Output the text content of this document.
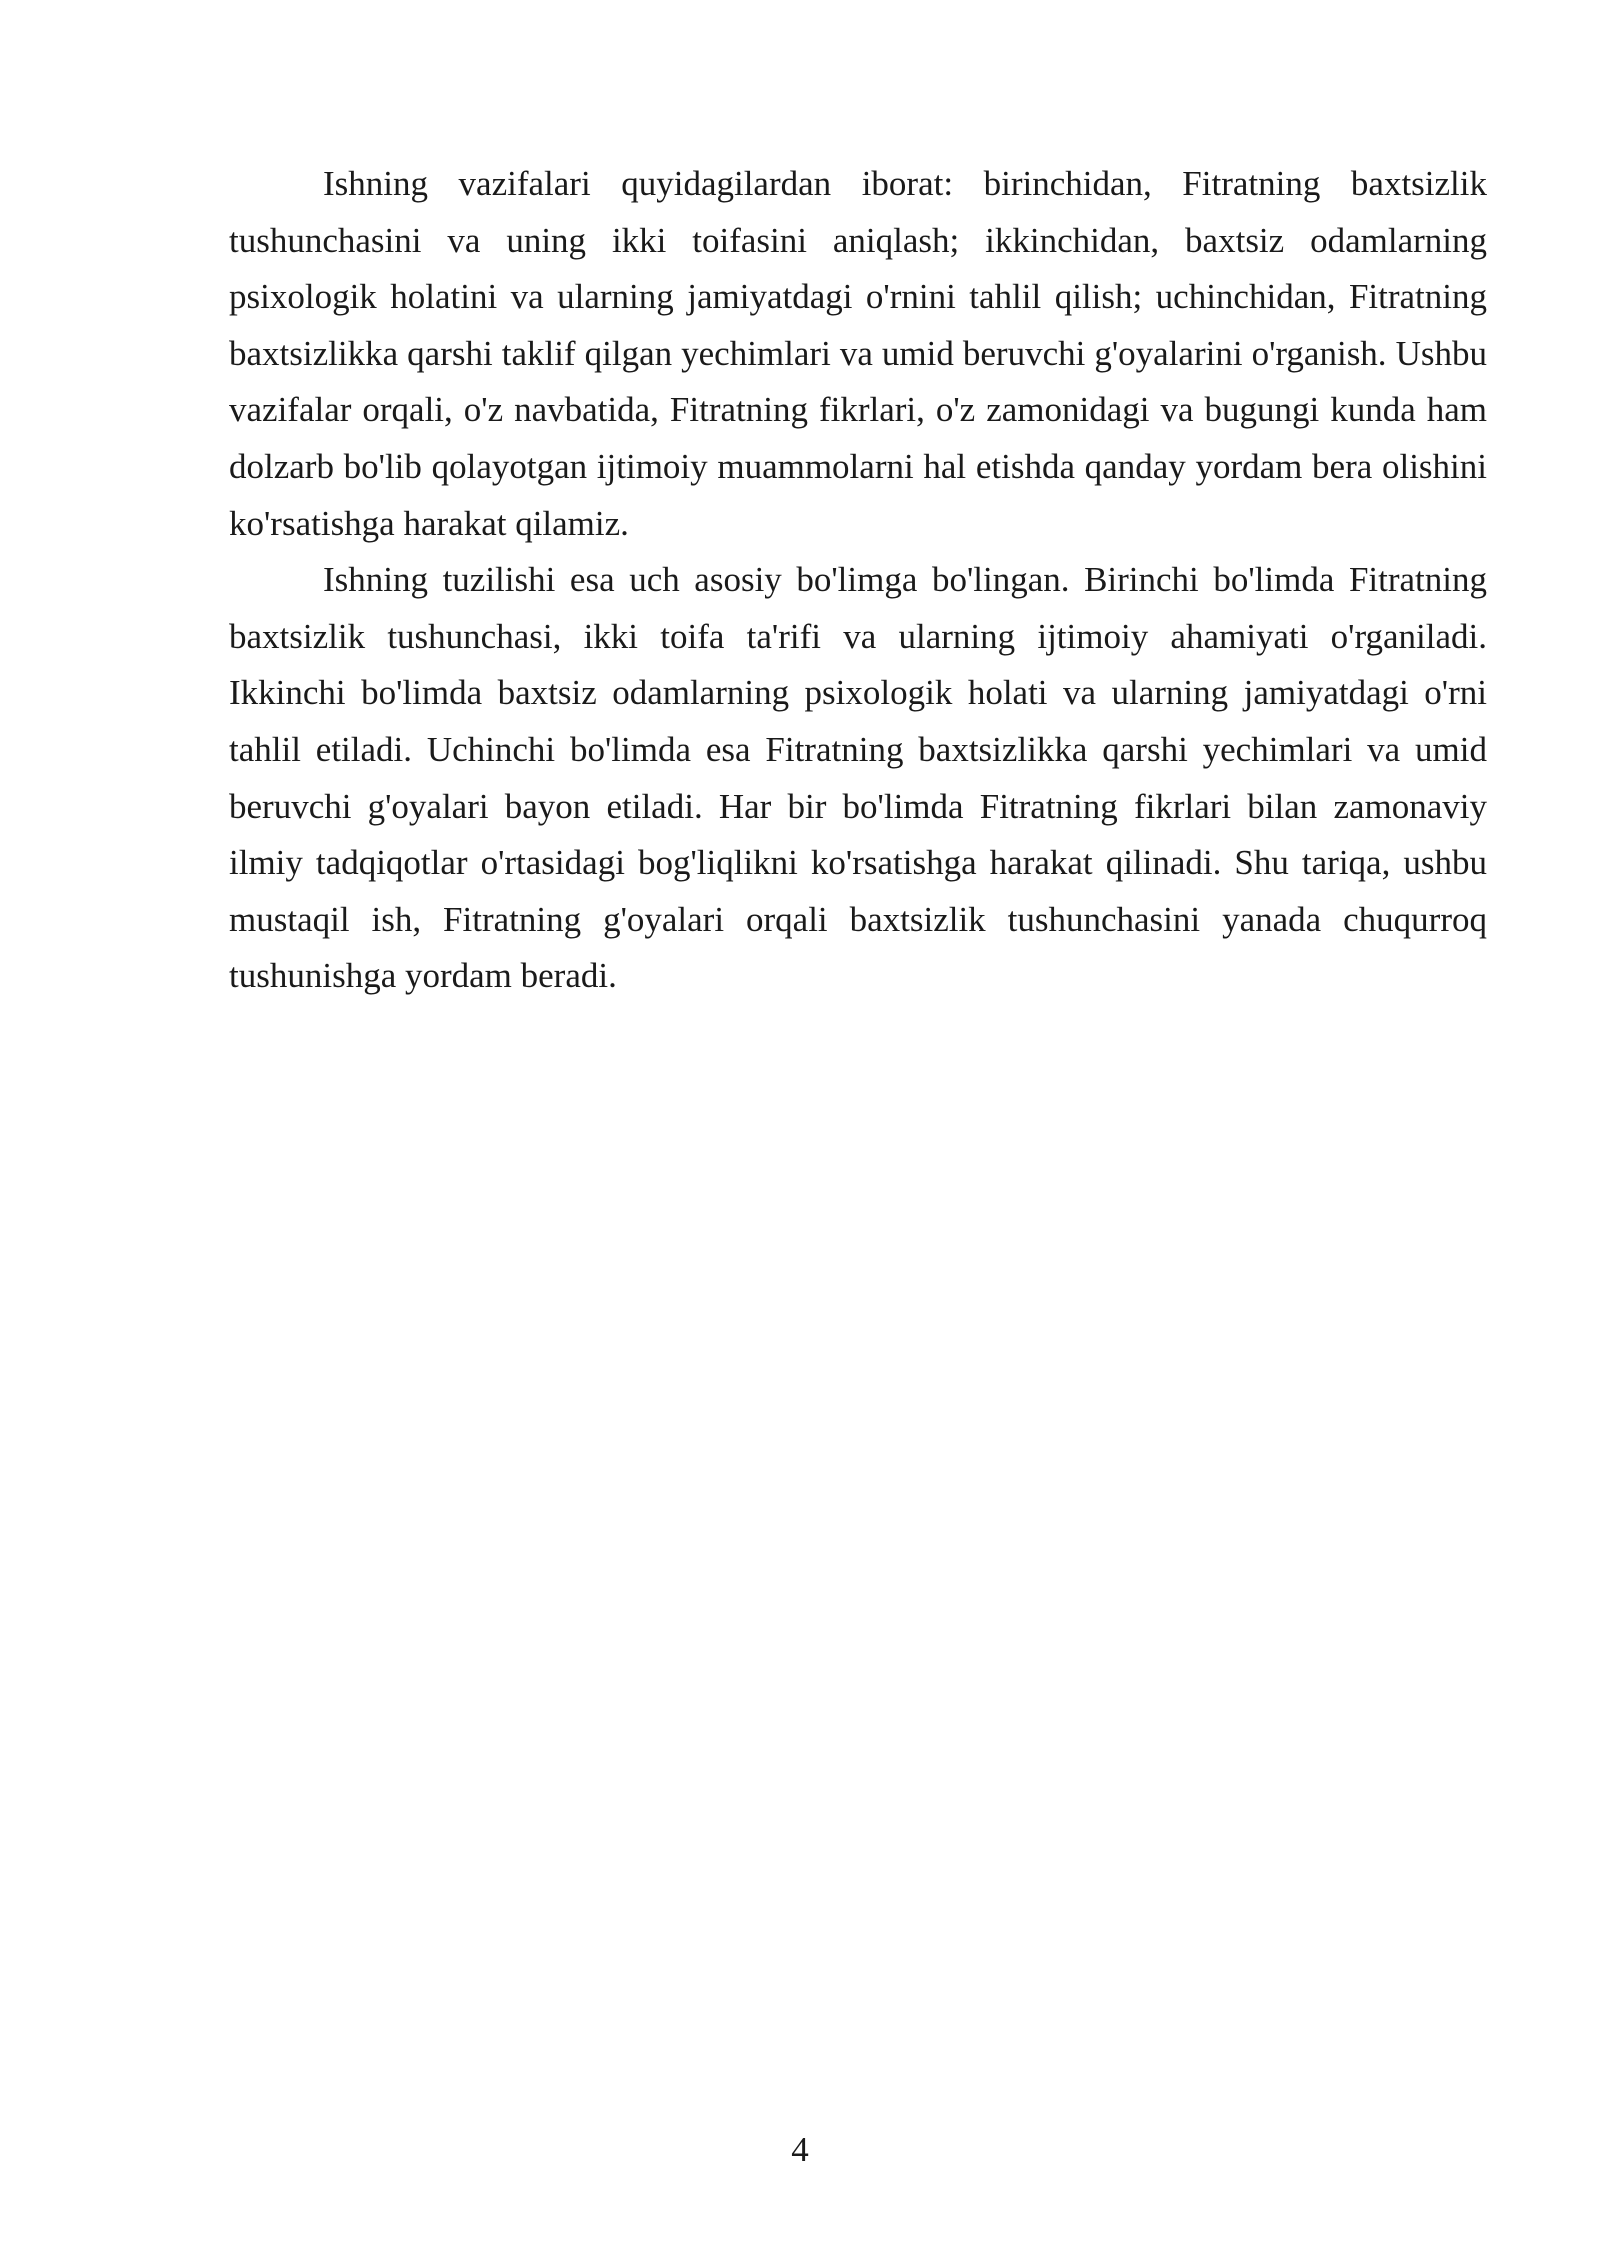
Ishning vazifalari quyidagilardan iborat: birinchidan, Fitratning baxtsizlik tushunchasini va uning ikki toifasini aniqlash; ikkinchidan, baxtsiz odamlarning psixologik holatini va ularning jamiyatdagi o'rnini tahlil qilish; uchinchidan, Fitratning baxtsizlikka qarshi taklif qilgan yechimlari va umid beruvchi g'oyalarini o'rganish. Ushbu vazifalar orqali, o'z navbatida, Fitratning fikrlari, o'z zamonidagi va bugungi kunda ham dolzarb bo'lib qolayotgan ijtimoiy muammolarni hal etishda qanday yordam bera olishini ko'rsatishga harakat qilamiz.

Ishning tuzilishi esa uch asosiy bo'limga bo'lingan. Birinchi bo'limda Fitratning baxtsizlik tushunchasi, ikki toifa ta'rifi va ularning ijtimoiy ahamiyati o'rganiladi. Ikkinchi bo'limda baxtsiz odamlarning psixologik holati va ularning jamiyatdagi o'rni tahlil etiladi. Uchinchi bo'limda esa Fitratning baxtsizlikka qarshi yechimlari va umid beruvchi g'oyalari bayon etiladi. Har bir bo'limda Fitratning fikrlari bilan zamonaviy ilmiy tadqiqotlar o'rtasidagi bog'liqlikni ko'rsatishga harakat qilinadi. Shu tariqa, ushbu mustaqil ish, Fitratning g'oyalari orqali baxtsizlik tushunchasini yanada chuqurroq tushunishga yordam beradi.

4
